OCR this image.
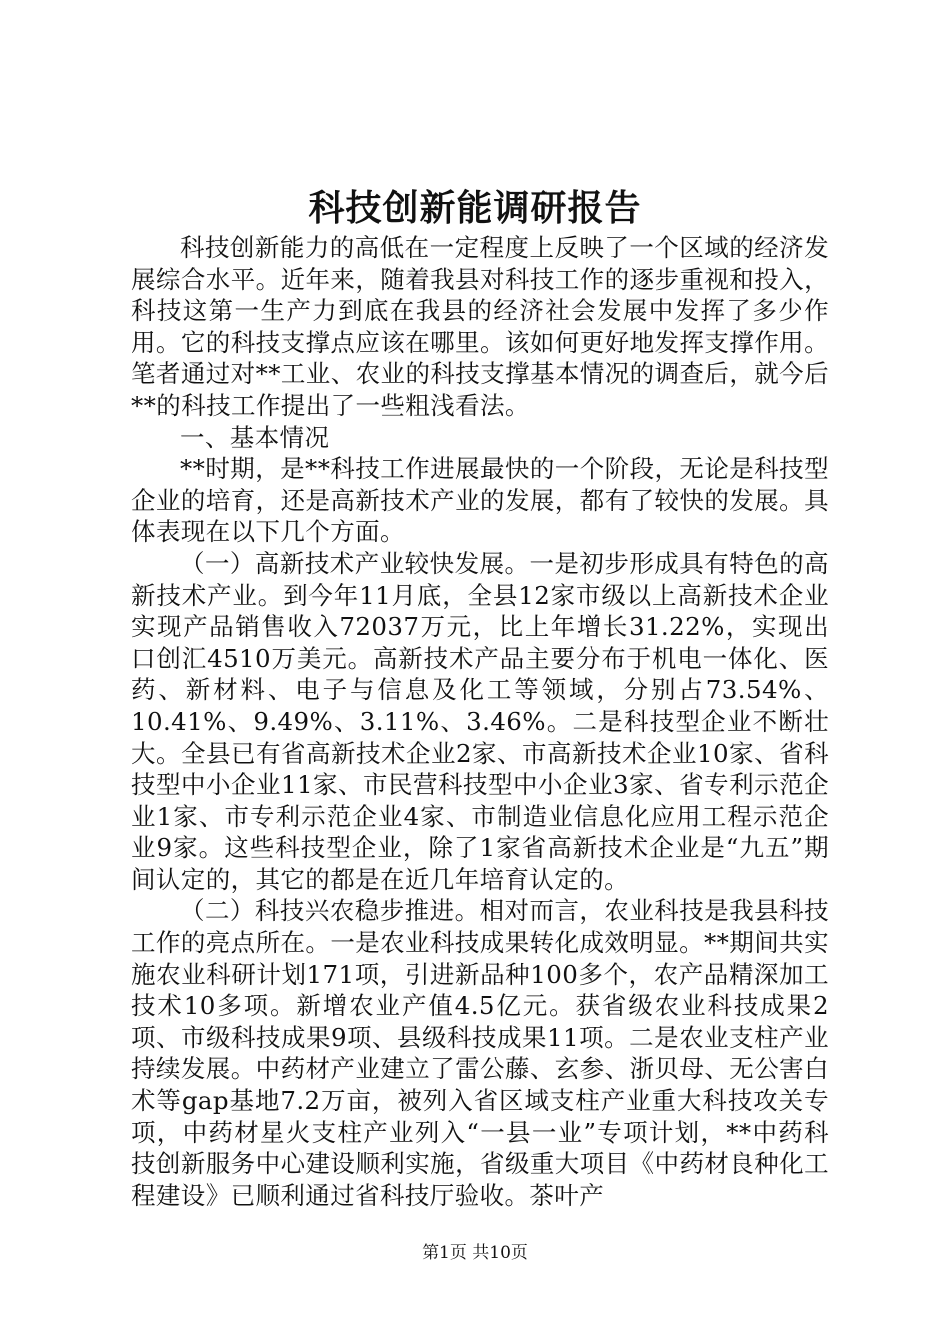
科技创新能调研报告

科技创新能力的高低在一定程度上反映了一个区域的经济发展综合水平。近年来，随着我县对科技工作的逐步重视和投入，科技这第一生产力到底在我县的经济社会发展中发挥了多少作用。它的科技支撑点应该在哪里。该如何更好地发挥支撑作用。笔者通过对**工业、农业的科技支撑基本情况的调查后，就今后**的科技工作提出了一些粗浅看法。

一、基本情况

**时期，是**科技工作进展最快的一个阶段，无论是科技型企业的培育，还是高新技术产业的发展，都有了较快的发展。具体表现在以下几个方面。

（一）高新技术产业较快发展。一是初步形成具有特色的高新技术产业。到今年11月底，全县12家市级以上高新技术企业实现产品销售收入72037万元，比上年增长31.22%，实现出口创汇4510万美元。高新技术产品主要分布于机电一体化、医药、新材料、电子与信息及化工等领域，分别占73.54%、10.41%、9.49%、3.11%、3.46%。二是科技型企业不断壮大。全县已有省高新技术企业2家、市高新技术企业10家、省科技型中小企业11家、市民营科技型中小企业3家、省专利示范企业1家、市专利示范企业4家、市制造业信息化应用工程示范企业9家。这些科技型企业，除了1家省高新技术企业是“九五”期间认定的，其它的都是在近几年培育认定的。

（二）科技兴农稳步推进。相对而言，农业科技是我县科技工作的亮点所在。一是农业科技成果转化成效明显。**期间共实施农业科研计划171项，引进新品种100多个，农产品精深加工技术10多项。新增农业产值4.5亿元。获省级农业科技成果2项、市级科技成果9项、县级科技成果11项。二是农业支柱产业持续发展。中药材产业建立了雷公藤、玄参、浙贝母、无公害白术等gap基地7.2万亩，被列入省区域支柱产业重大科技攻关专项，中药材星火支柱产业列入“一县一业”专项计划，**中药科技创新服务中心建设顺利实施，省级重大项目《中药材良种化工程建设》已顺利通过省科技厅验收。茶叶产

第1页 共10页
